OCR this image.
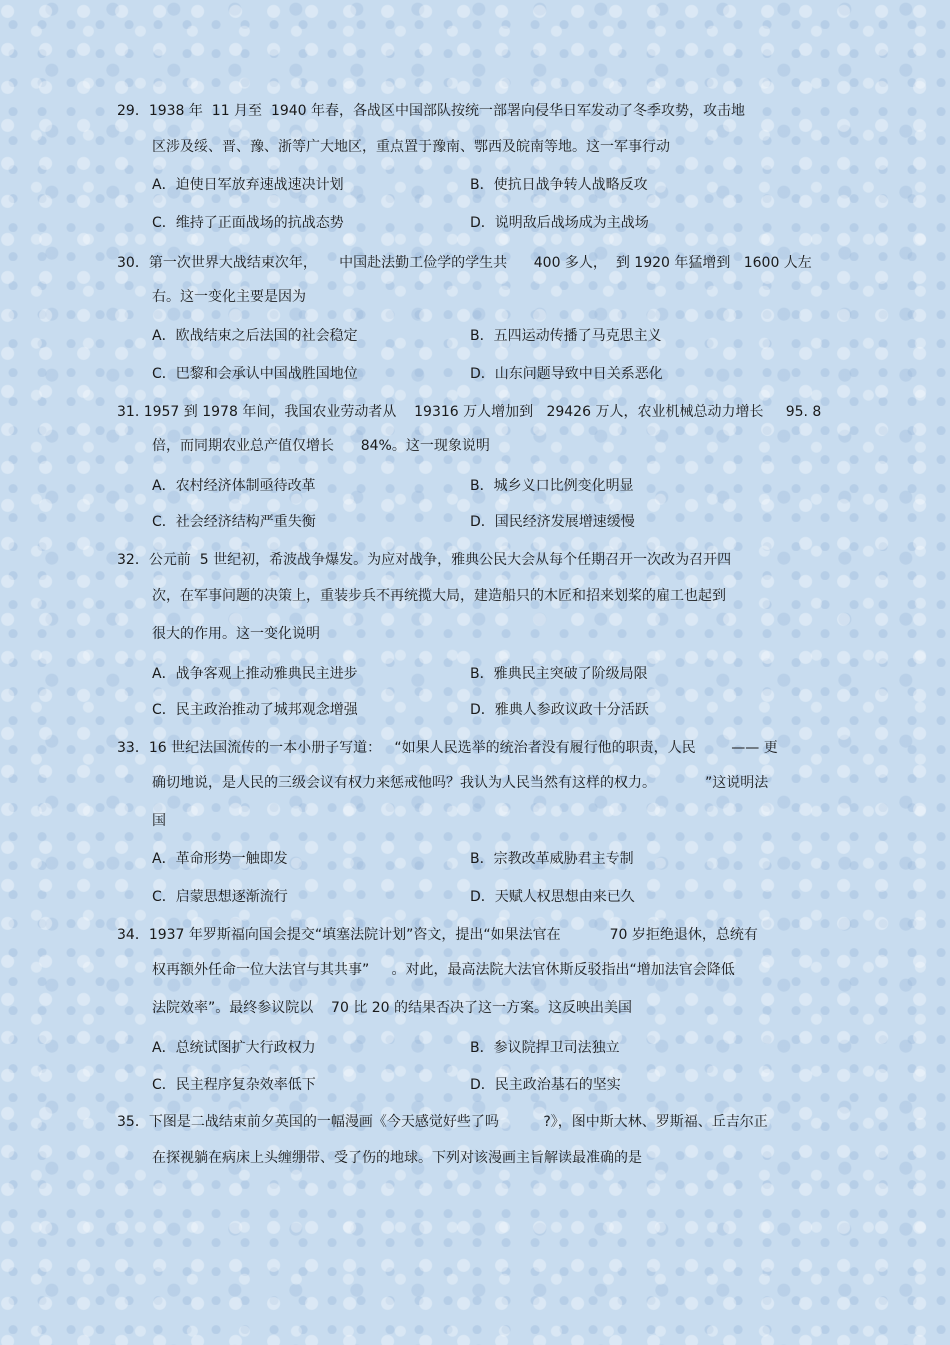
29．1938 年  11 月至  1940 年春，各战区中国部队按统一部署向侵华日军发动了冬季攻势，攻击地
区涉及绥、晋、豫、浙等广大地区，重点置于豫南、鄂西及皖南等地。这一军事行动
A．迫使日军放弃速战速决计划	B．使抗日战争转人战略反攻
C．维持了正面战场的抗战态势	D．说明敌后战场成为主战场
30．第一次世界大战结束次年，     中国赴法勤工俭学的学生共      400 多人，  到 1920 年猛增到   1600 人左
右。这一变化主要是因为
A．欧战结束之后法国的社会稳定	B．五四运动传播了马克思主义
C．巴黎和会承认中国战胜国地位	D．山东问题导致中日关系恶化
31. 1957 到 1978 年间，我国农业劳动者从    19316 万人增加到   29426 万人，农业机械总动力增长     95. 8
倍，而同期农业总产值仅增长      84%。这一现象说明
A．农村经济体制亟待改革	B．城乡义口比例变化明显
C．社会经济结构严重失衡	D．国民经济发展增速缓慢
32．公元前  5 世纪初，希波战争爆发。为应对战争，雅典公民大会从每个任期召开一次改为召开四
次，在军事问题的决策上，重装步兵不再统揽大局，建造船只的木匠和招来划桨的雇工也起到
很大的作用。这一变化说明
A．战争客观上推动雅典民主进步	B．雅典民主突破了阶级局限
C．民主政治推动了城邦观念增强	D．雅典人参政议政十分活跃
33．16 世纪法国流传的一本小册子写道：   “如果人民选举的统治者没有履行他的职责，人民        —— 更
确切地说，是人民的三级会议有权力来惩戒他吗？我认为人民当然有这样的权力。           ”这说明法
国
A．革命形势一触即发	B．宗教改革威胁君主专制
C．启蒙思想逐渐流行	D．天赋人权思想由来已久
34．1937 年罗斯福向国会提交“填塞法院计划”咨文，提出“如果法官在           70 岁拒绝退休，总统有
权再额外任命一位大法官与其共事”     。对此，最高法院大法官休斯反驳指出“增加法官会降低
法院效率”。最终参议院以    70 比 20 的结果否决了这一方案。这反映出美国
A．总统试图扩大行政权力	B．参议院捍卫司法独立
C．民主程序复杂效率低下	D．民主政治基石的坚实
35．下图是二战结束前夕英国的一幅漫画《今天感觉好些了吗          ?》，图中斯大林、罗斯福、丘吉尔正
在探视躺在病床上头缠绷带、受了伤的地球。下列对该漫画主旨解读最准确的是
